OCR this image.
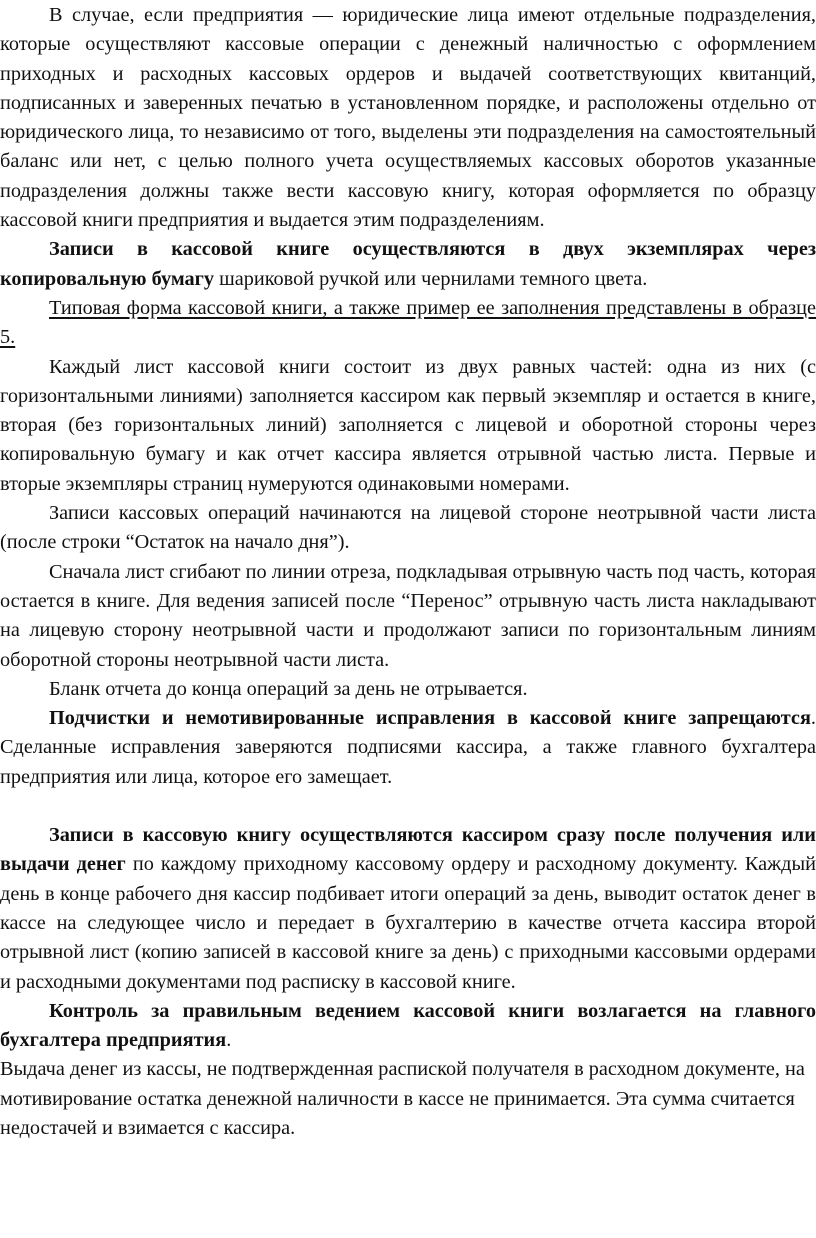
В случае, если предприятия — юридические лица имеют отдельные подразделения, которые осуществляют кассовые операции с денежный наличностью с оформлением приходных и расходных кассовых ордеров и выдачей соответствующих квитанций, подписанных и заверенных печатью в установленном порядке, и расположены отдельно от юридического лица, то независимо от того, выделены эти подразделения на самостоятельный баланс или нет, с целью полного учета осуществляемых кассовых оборотов указанные подразделения должны также вести кассовую книгу, которая оформляется по образцу кассовой книги предприятия и выдается этим подразделениям.

Записи в кассовой книге осуществляются в двух экземплярах через копировальную бумагу шариковой ручкой или чернилами темного цвета.

Типовая форма кассовой книги, а также пример ее заполнения представлены в образце 5.

Каждый лист кассовой книги состоит из двух равных частей: одна из них (с горизонтальными линиями) заполняется кассиром как первый экземпляр и остается в книге, вторая (без горизонтальных линий) заполняется с лицевой и оборотной стороны через копировальную бумагу и как отчет кассира является отрывной частью листа. Первые и вторые экземпляры страниц нумеруются одинаковыми номерами.

Записи кассовых операций начинаются на лицевой стороне неотрывной части листа (после строки “Остаток на начало дня”).

Сначала лист сгибают по линии отреза, подкладывая отрывную часть под часть, которая остается в книге. Для ведения записей после “Перенос” отрывную часть листа накладывают на лицевую сторону неотрывной части и продолжают записи по горизонтальным линиям оборотной стороны неотрывной части листа.

Бланк отчета до конца операций за день не отрывается.

Подчистки и немотивированные исправления в кассовой книге запрещаются. Сделанные исправления заверяются подписями кассира, а также главного бухгалтера предприятия или лица, которое его замещает.

Записи в кассовую книгу осуществляются кассиром сразу после получения или выдачи денег по каждому приходному кассовому ордеру и расходному документу. Каждый день в конце рабочего дня кассир подбивает итоги операций за день, выводит остаток денег в кассе на следующее число и передает в бухгалтерию в качестве отчета кассира второй отрывной лист (копию записей в кассовой книге за день) с приходными кассовыми ордерами и расходными документами под расписку в кассовой книге.

Контроль за правильным ведением кассовой книги возлагается на главного бухгалтера предприятия.

Выдача денег из кассы, не подтвержденная распиской получателя в расходном документе, на мотивирование остатка денежной наличности в кассе не принимается. Эта сумма считается недостачей и взимается с кассира.
